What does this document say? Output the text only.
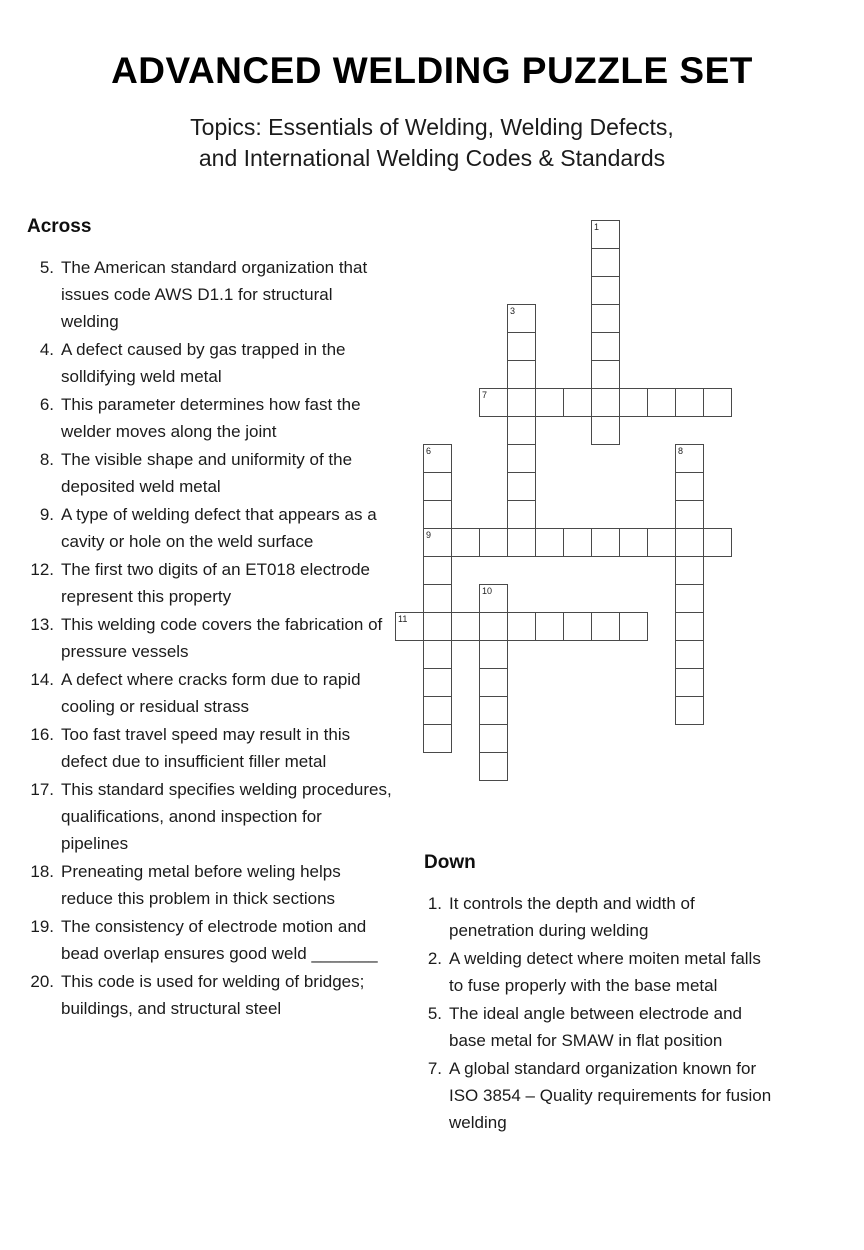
ADVANCED WELDING PUZZLE SET
Topics: Essentials of Welding, Welding Defects,
and International Welding Codes & Standards
Across
5. The American standard organization that issues code AWS D1.1 for structural welding
4. A defect caused by gas trapped in the solldifying weld metal
6. This parameter determines how fast the welder moves along the joint
8. The visible shape and uniformity of the deposited weld metal
9. A type of welding defect that appears as a cavity or hole on the weld surface
12. The first two digits of an ET018 electrode represent this property
13. This welding code covers the fabrication of pressure vessels
14. A defect where cracks form due to rapid cooling or residual strass
16. Too fast travel speed may result in this defect due to insufficient filler metal
17. This standard specifies welding procedures, qualifications, anond inspection for pipelines
18. Preneating metal before weling helps reduce this problem in thick sections
19. The consistency of electrode motion and bead overlap ensures good weld _______
20. This code is used for welding of bridges; buildings, and structural steel
1
3
7
6
9
8
10
11
Down
1. It controls the depth and width of penetration during welding
2. A welding detect where moiten metal falls to fuse properly with the base metal
5. The ideal angle between electrode and base metal for SMAW in flat position
7. A global standard organization known for ISO 3854 – Quality requirements for fusion welding
